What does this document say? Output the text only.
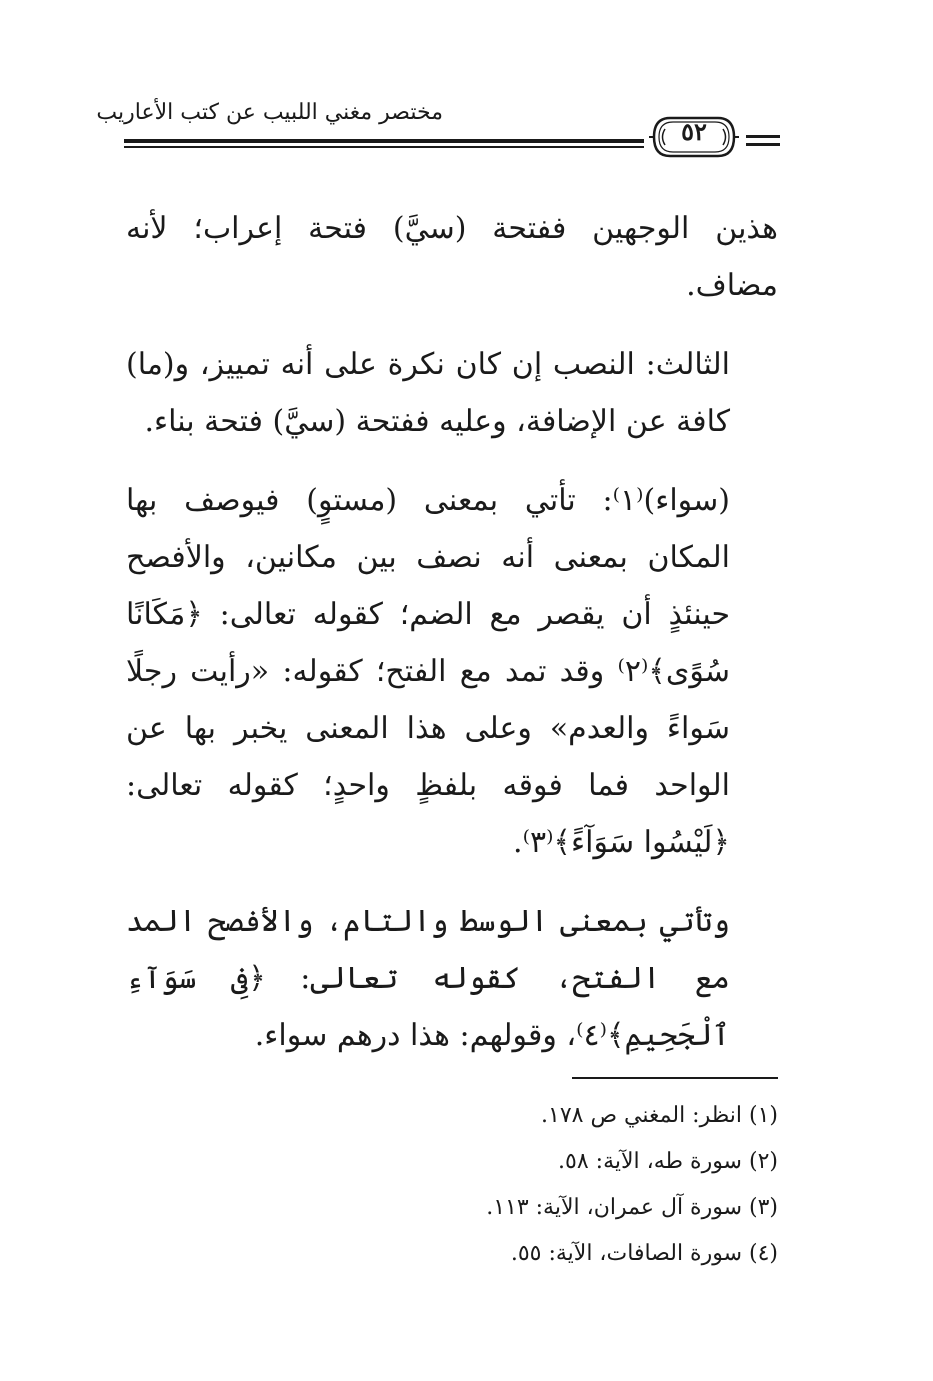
مختصر مغني اللبيب عن كتب الأعاريب
٥٢

هذين الوجهين ففتحة (سيَّ) فتحة إعراب؛ لأنه مضاف.

الثالث: النصب إن كان نكرة على أنه تمييز، و(ما) كافة عن الإضافة، وعليه ففتحة (سيَّ) فتحة بناء.

(سواء)⁽١⁾: تأتي بمعنى (مستوٍ) فيوصف بها المكان بمعنى أنه نصف بين مكانين، والأفصح حينئذٍ أن يقصر مع الضم؛ كقوله تعالى: ﴿مَكَانًا سُوًى﴾⁽٢⁾ وقد تمد مع الفتح؛ كقوله: «رأيت رجلًا سَواءً والعدم» وعلى هذا المعنى يخبر بها عن الواحد فما فوقه بلفظٍ واحدٍ؛ كقوله تعالى: ﴿لَيْسُوا سَوَآءً﴾⁽٣⁾.

وتأتي بمعنى الوسط والتام، والأفصح المد مع الفتح، كقوله تعالى: ﴿فِى سَوَآءِ ٱلْجَحِيمِ﴾⁽٤⁾، وقولهم: هذا درهم سواء.

(١) انظر: المغني ص ١٧٨.

(٢) سورة طه، الآية: ٥٨.

(٣) سورة آل عمران، الآية: ١١٣.

(٤) سورة الصافات، الآية: ٥٥.
